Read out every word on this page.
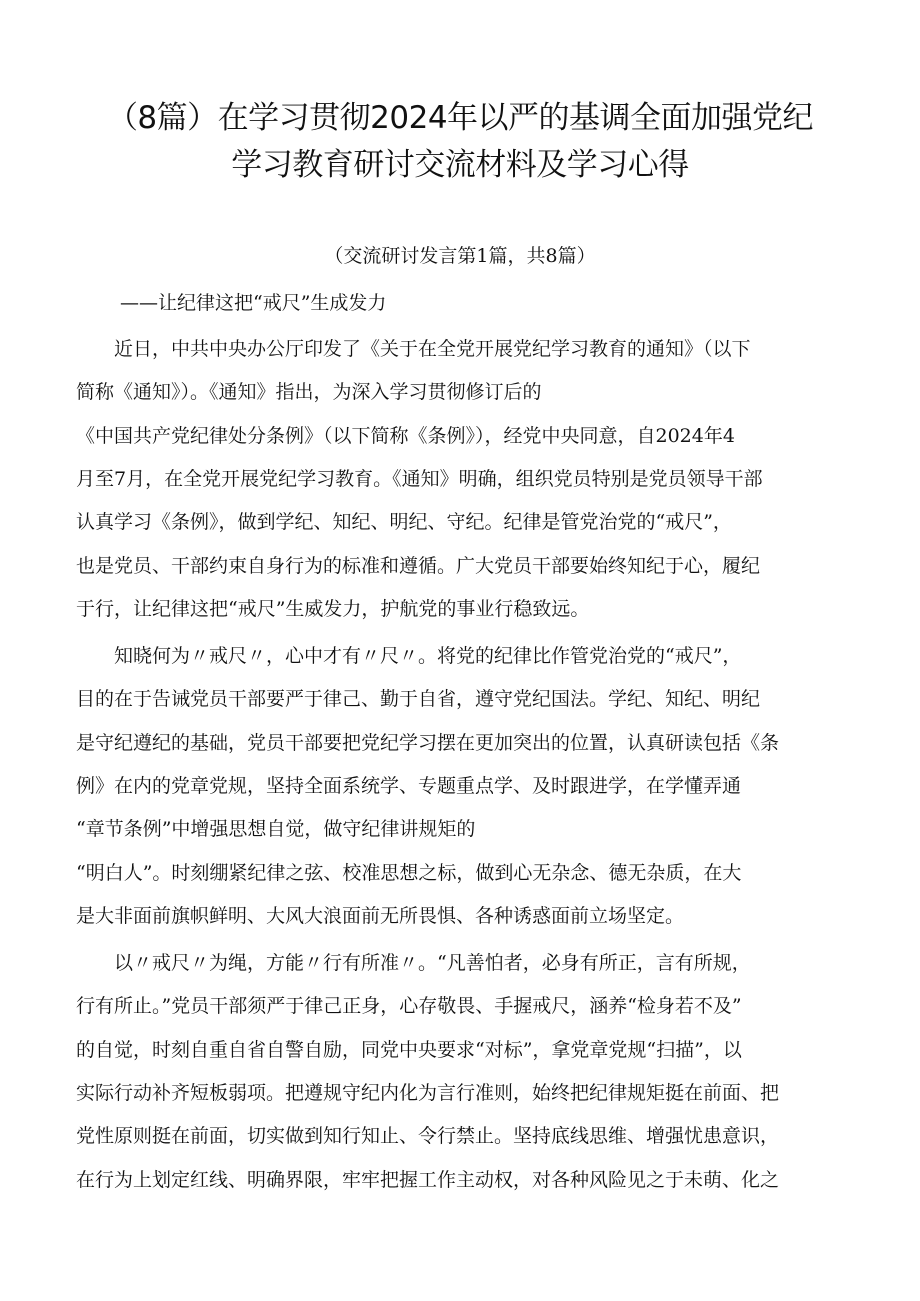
（8篇）在学习贯彻2024年以严的基调全面加强党纪
学习教育研讨交流材料及学习心得
（交流研讨发言第1篇，共8篇）
——让纪律这把“戒尺”生成发力
　　近日，中共中央办公厅印发了《关于在全党开展党纪学习教育的通知》（以下
简称《通知》）。《通知》指出，为深入学习贯彻修订后的
《中国共产党纪律处分条例》（以下简称《条例》），经党中央同意，自2024年4
月至7月，在全党开展党纪学习教育。《通知》明确，组织党员特别是党员领导干部
认真学习《条例》，做到学纪、知纪、明纪、守纪。纪律是管党治党的“戒尺”，
也是党员、干部约束自身行为的标准和遵循。广大党员干部要始终知纪于心，履纪
于行，让纪律这把“戒尺”生威发力，护航党的事业行稳致远。
　　知晓何为〃戒尺〃，心中才有〃尺〃。将党的纪律比作管党治党的“戒尺”，
目的在于告诫党员干部要严于律己、勤于自省，遵守党纪国法。学纪、知纪、明纪
是守纪遵纪的基础，党员干部要把党纪学习摆在更加突出的位置，认真研读包括《条
例》在内的党章党规，坚持全面系统学、专题重点学、及时跟进学，在学懂弄通
“章节条例”中增强思想自觉，做守纪律讲规矩的
“明白人”。时刻绷紧纪律之弦、校准思想之标，做到心无杂念、德无杂质，在大
是大非面前旗帜鲜明、大风大浪面前无所畏惧、各种诱惑面前立场坚定。
　　以〃戒尺〃为绳，方能〃行有所准〃。“凡善怕者，必身有所正，言有所规，
行有所止。”党员干部须严于律己正身，心存敬畏、手握戒尺，涵养“检身若不及”
的自觉，时刻自重自省自警自励，同党中央要求“对标”，拿党章党规“扫描”，以
实际行动补齐短板弱项。把遵规守纪内化为言行准则，始终把纪律规矩挺在前面、把
党性原则挺在前面，切实做到知行知止、令行禁止。坚持底线思维、增强忧患意识，
在行为上划定红线、明确界限，牢牢把握工作主动权，对各种风险见之于未萌、化之
